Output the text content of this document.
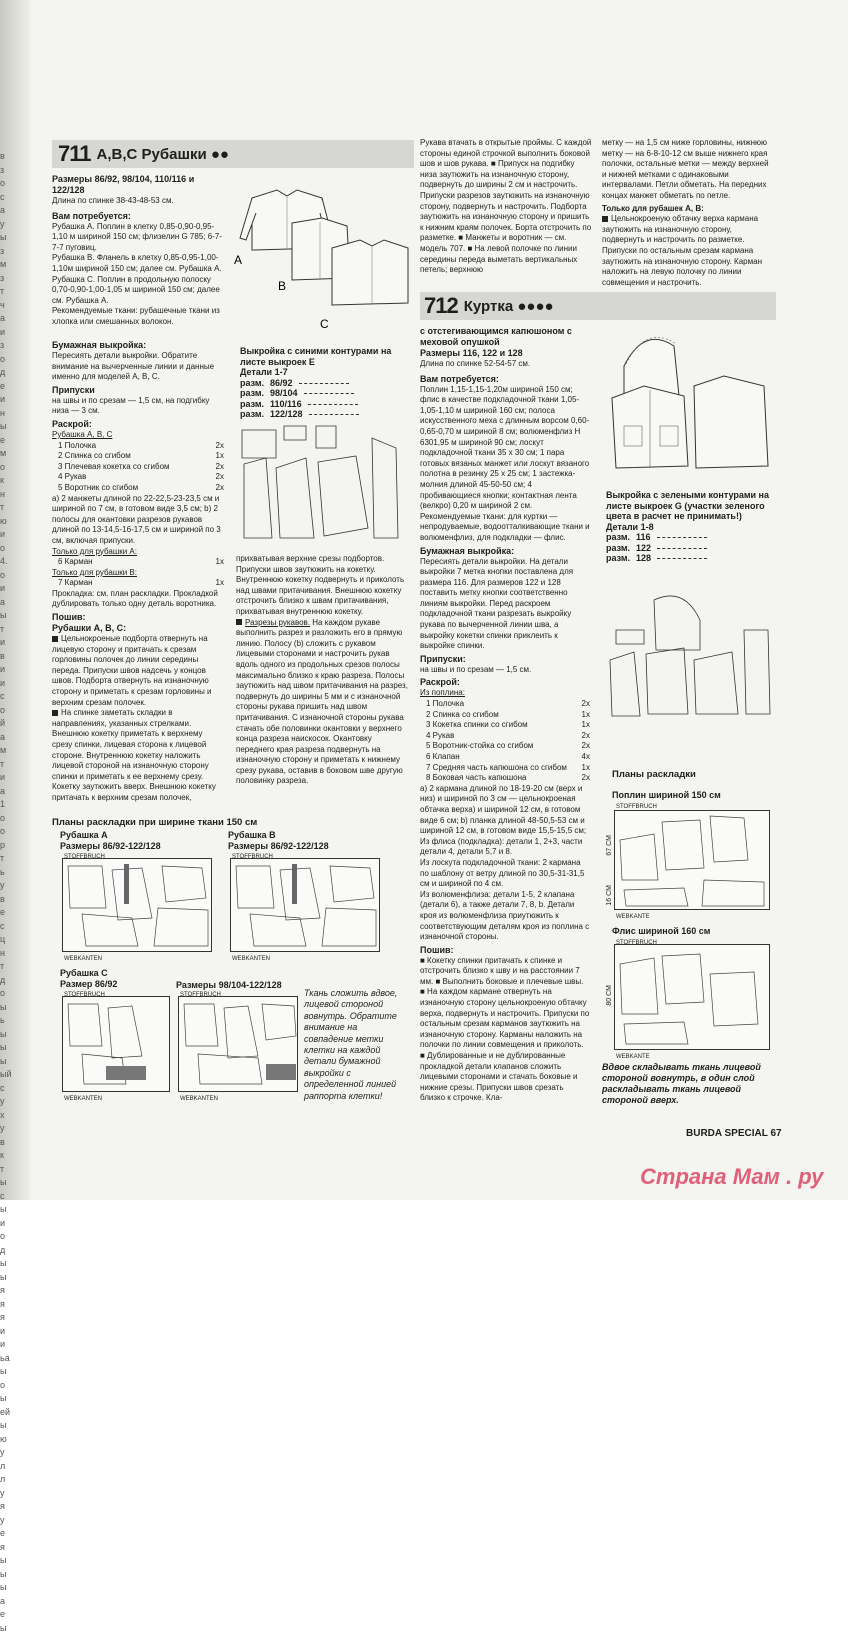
в
з
о
с
а
у
ы
з
м
з
т
ч
а
и
з
о
д
е
и
н
ы
е
м
о
к
н
т
ю
и
о
4.
о
и
а
ы
т
и
в
и
и
с
о
й
а
м
т
и
а
1
о
о
р
т
ь
у
в
е
с
ц
н
т
д
о
ы
ь
ы
ы
ы
ый
с
у
х
у
в
к
т
ы
с
ы
и
о
д
ы
ы
я
я
я
и
и
ьа
ы
о
ы
ей
ы
ю
у
л
л
у
я
у
е
я
ы
ы
ы
а
е
ы
711 A,B,C Рубашки ●●

Размеры 86/92, 98/104, 110/116 и 122/128

Длина по спинке 38-43-48-53 см.

Вам потребуется:

Рубашка А. Поплин в клетку 0,85-0,90-0,95-1,10 м шириной 150 см; флизелин G 785; 6-7-7-7 пуговиц.

Рубашка В. Фланель в клетку 0,85-0,95-1,00-1,10м шириной 150 см; далее см. Рубашка А.

Рубашка С. Поплин в продольную полоску 0,70-0,90-1,00-1,05 м шириной 150 см; далее см. Рубашка А.

Рекомендуемые ткани: рубашечные ткани из хлопка или смешанных волокон.

Бумажная выкройка:

Пересиять детали выкройки. Обратите внимание на вычерченные линии и данные именно для моделей А, В, С.

Припуски

на швы и по срезам — 1,5 см, на подгибку низа — 3 см.

Раскрой:

Рубашка А, В, С

1 Полочка	2x
2 Спинка со сгибом	1x
3 Плечевая кокетка со сгибом	2x
4 Рукав	2x
5 Воротник со сгибом	2x

а) 2 манжеты длиной по 22-22,5-23-23,5 см и шириной по 7 см, в готовом виде 3,5 см; b) 2 полосы для окантовки разрезов рукавов длиной по 13-14,5-16-17,5 см и шириной по 3 см, включая припуски.

Только для рубашки А:

6 Карман	1x

Только для рубашки В:

7 Карман	1x

Прокладка: см. план раскладки. Прокладкой дублировать только одну деталь воротника.

Пошив:

Рубашки А, В, С:

Цельнокроеные подборта отвернуть на лицевую сторону и притачать к срезам горловины полочек до линии середины переда. Припуски швов надсечь у концов швов. Подборта отвернуть на изнаночную сторону и приметать к срезам горловины и верхним срезам полочек.

На спинке заметать складки в направлениях, указанных стрелками. Внешнюю кокетку приметать к верхнему срезу спинки, лицевая сторона к лицевой стороне. Внутреннюю кокетку наложить лицевой стороной на изнаночную сторону спинки и приметать к ее верхнему срезу. Кокетку заутюжить вверх. Внешнюю кокетку притачать к верхним срезам полочек,

A
B
C

Выкройка с синими контурами на листе выкроек E

Детали 1-7

разм. 86/92
разм. 98/104
разм. 110/116
разм. 122/128

прихватывая верхние срезы подбортов. Припуски швов заутюжить на кокетку. Внутреннюю кокетку подвернуть и приколоть над швами притачивания. Внешнюю кокетку отстрочить близко к швам притачивания, прихватывая внутреннюю кокетку.

Разрезы рукавов. На каждом рукаве выполнить разрез и разложить его в прямую линию. Полосу (b) сложить с рукавом лицевыми сторонами и настрочить рукав вдоль одного из продольных срезов полосы максимально близко к краю разреза. Полосы заутюжить над швом притачивания на разрез, подвернуть до ширины 5 мм и с изнаночной стороны рукава пришить над швом притачивания. С изнаночной стороны рукава стачать обе половинки окантовки у верхнего конца разреза наискосок. Окантовку переднего края разреза подвернуть на изнаночную сторону и приметать к нижнему срезу рукава, оставив в боковом шве другую половинку разреза.

Планы раскладки при ширине ткани 150 см

Рубашка A

Размеры 86/92-122/128

Рубашка B

Размеры 86/92-122/128

STOFFBRUCH	STOFFBRUCH
WEBKANTEN	WEBKANTEN

Рубашка C

Размер 86/92	Размеры 98/104-122/128

STOFFBRUCH	STOFFBRUCH
WEBKANTEN	WEBKANTEN
Ткань сложить вдвое, лицевой стороной вовнутрь. Обратите внимание на совпадение метки клетки на каждой детали бумажной выкройки с определенной линией раппорта клетки!

Рукава втачать в открытые проймы. С каждой стороны единой строчкой выполнить боковой шов и шов рукава. ■ Припуск на подгибку низа заутюжить на изнаночную сторону, подвернуть до ширины 2 см и настрочить. Припуски разрезов заутюжить на изнаночную сторону, подвернуть и настрочить. Подборта заутюжить на изнаночную сторону и пришить к нижним краям полочек. Борта отстрочить по разметке. ■ Манжеты и воротник — см. модель 707. ■ На левой полочке по линии середины переда выметать вертикальных петель; верхнюю

метку — на 1,5 см ниже горловины, нижнюю метку — на 6-8-10-12 см выше нижнего края полочки, остальные метки — между верхней и нижней метками с одинаковыми интервалами. Петли обметать. На передних концах манжет обметать по петле.

Только для рубашек А, В:

Цельнокроеную обтачку верха кармана заутюжить на изнаночную сторону, подвернуть и настрочить по разметке. Припуски по остальным срезам кармана заутюжить на изнаночную сторону. Карман наложить на левую полочку по линии совмещения и настрочить.

712 Куртка ●●●●

с отстегивающимся капюшоном с меховой опушкой

Размеры 116, 122 и 128

Длина по спинке 52-54-57 см.

Вам потребуется:

Поплин 1,15-1,15-1,20м шириной 150 см; флис в качестве подкладочной ткани 1,05-1,05-1,10 м шириной 160 см; полоса искусственного меха с длинным ворсом 0,60-0,65-0,70 м шириной 8 см; волюменфлиз Н 6301,95 м шириной 90 см; лоскут подкладочной ткани 35 x 30 см; 1 пара готовых вязаных манжет или лоскут вязаного полотна в резинку 25 x 25 см; 1 застежка-молния длиной 45-50-50 см; 4 пробивающиеся кнопки; контактная лента (велкро) 0,20 м шириной 2 см.

Рекомендуемые ткани: для куртки — непродуваемые, водоотталкивающие ткани и волюменфлиз, для подкладки — флис.

Бумажная выкройка:

Пересиять детали выкройки. На детали выкройки 7 метка кнопки поставлена для размера 116. Для размеров 122 и 128 поставить метку кнопки соответственно линиям выкройки. Перед раскроем подкладочной ткани разрезать выкройку рукава по вычерченной линии шва, а выкройку кокетки спинки приклеить к выкройке спинки.

Припуски:

на швы и по срезам — 1,5 см.

Раскрой:

Из поплина:

1 Полочка	2x
2 Спинка со сгибом	1x
3 Кокетка спинки со сгибом	1x
4 Рукав	2x
5 Воротник-стойка со сгибом	2x
6 Клапан	4x
7 Средняя часть капюшона со сгибом 1x
8 Боковая часть капюшона	2x

а) 2 кармана длиной по 18-19-20 см (верх и низ) и шириной по 3 см — цельнокроеная обтачка верха) и шириной 12 см, в готовом виде 6 см; b) планка длиной 48-50,5-53 см и шириной 12 см, в готовом виде 15,5-15,5 см;

Из флиса (подкладка): детали 1, 2+3, части детали 4, детали 5,7 и 8.

Из лоскута подкладочной ткани: 2 кармана по шаблону от ветру длиной по 30,5-31-31,5 см и шириной по 4 см.

Из волюменфлиза: детали 1-5, 2 клапана (детали 6), а также детали 7, 8, b. Детали кроя из волюменфлиза приутюжить к соответствующим деталям кроя из поплина с изнаночной стороны.

Пошив:

■ Кокетку спинки притачать к спинке и отстрочить близко к шву и на расстоянии 7 мм. ■ Выполнить боковые и плечевые швы. ■ На каждом кармане отвернуть на изнаночную сторону цельнокроеную обтачку верха, подвернуть и настрочить. Припуски по остальным срезам карманов заутюжить на изнаночную сторону. Карманы наложить на полочки по линии совмещения и приколоть. ■ Дублированные и не дублированные прокладкой детали клапанов сложить лицевыми сторонами и стачать боковые и нижние срезы. Припуски швов срезать близко к строчке. Кла-

Выкройка с зелеными контурами на листе выкроек G (участки зеленого цвета в расчет не принимать!)

Детали 1-8

разм. 116
разм. 122
разм. 128

Планы раскладки

Поплин шириной 150 см

STOFFBRUCH
WEBKANTE
67 CM
16 CM

Флис шириной 160 см

STOFFBRUCH
WEBKANTE
80 CM
Вдвое складывать ткань лицевой стороной вовнутрь, в один слой раскладывать ткань лицевой стороной вверх.
BURDA SPECIAL 67
Страна Мам . ру
